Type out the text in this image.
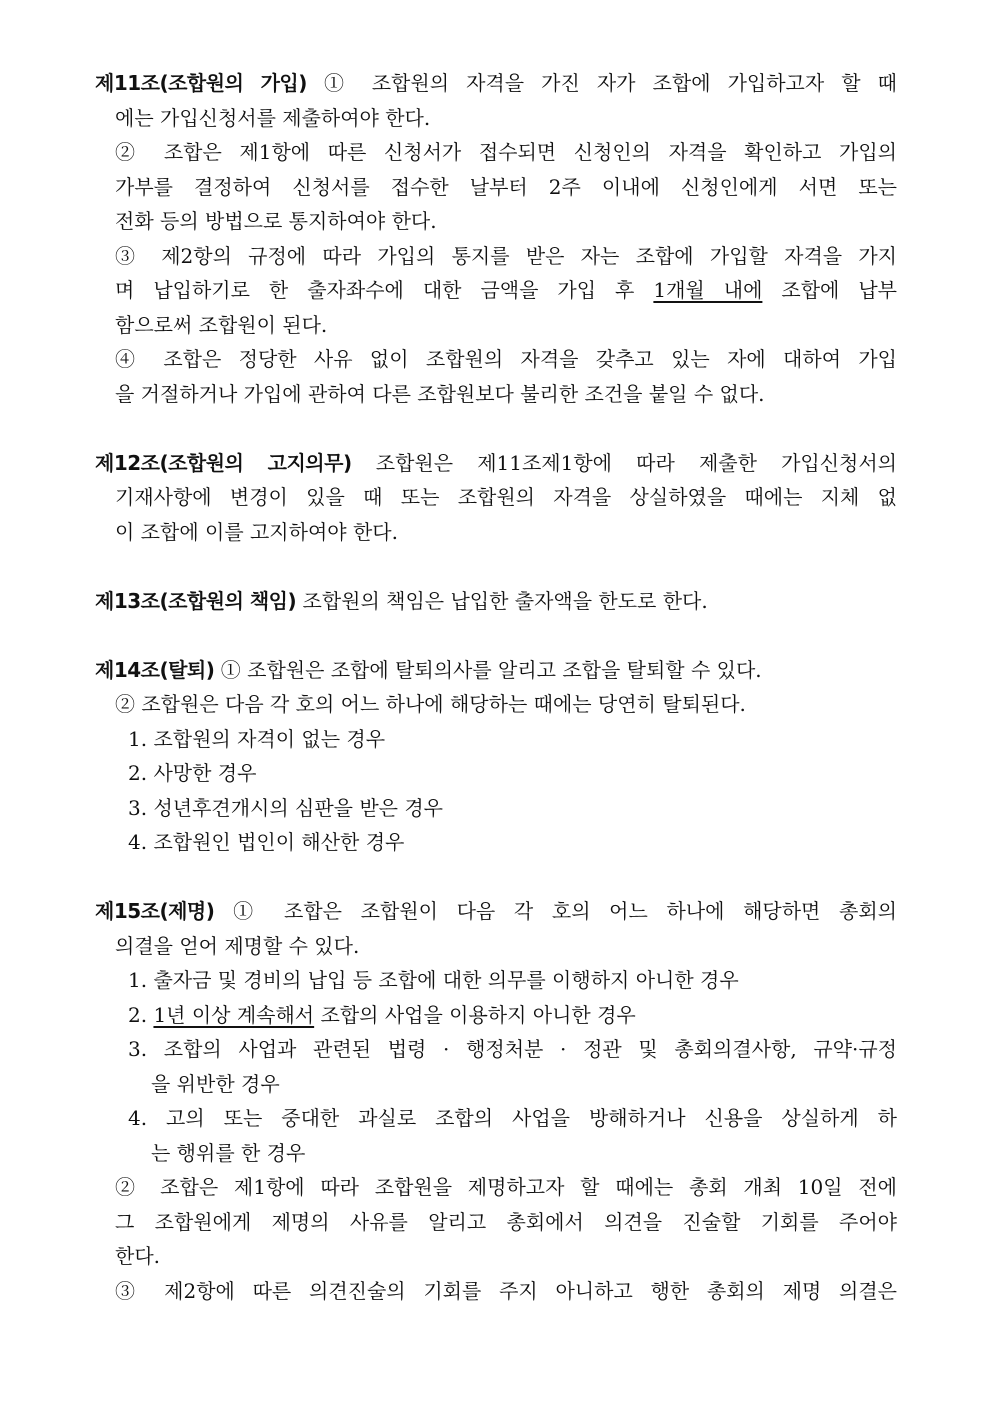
제11조(조합원의 가입) ① 조합원의 자격을 가진 자가 조합에 가입하고자 할 때

에는 가입신청서를 제출하여야 한다.

② 조합은 제1항에 따른 신청서가 접수되면 신청인의 자격을 확인하고 가입의
가부를 결정하여 신청서를 접수한 날부터 2주 이내에 신청인에게 서면 또는
전화 등의 방법으로 통지하여야 한다.

③ 제2항의 규정에 따라 가입의 통지를 받은 자는 조합에 가입할 자격을 가지
며 납입하기로 한 출자좌수에 대한 금액을 가입 후 1개월 내에 조합에 납부
함으로써 조합원이 된다.

④ 조합은 정당한 사유 없이 조합원의 자격을 갖추고 있는 자에 대하여 가입
을 거절하거나 가입에 관하여 다른 조합원보다 불리한 조건을 붙일 수 없다.

제12조(조합원의 고지의무) 조합원은 제11조제1항에 따라 제출한 가입신청서의

기재사항에 변경이 있을 때 또는 조합원의 자격을 상실하였을 때에는 지체 없
이 조합에 이를 고지하여야 한다.

제13조(조합원의 책임) 조합원의 책임은 납입한 출자액을 한도로 한다.

제14조(탈퇴) ① 조합원은 조합에 탈퇴의사를 알리고 조합을 탈퇴할 수 있다.

② 조합원은 다음 각 호의 어느 하나에 해당하는 때에는 당연히 탈퇴된다.

1. 조합원의 자격이 없는 경우

2. 사망한 경우

3. 성년후견개시의 심판을 받은 경우

4. 조합원인 법인이 해산한 경우

제15조(제명) ① 조합은 조합원이 다음 각 호의 어느 하나에 해당하면 총회의

의결을 얻어 제명할 수 있다.

1. 출자금 및 경비의 납입 등 조합에 대한 의무를 이행하지 아니한 경우

2. 1년 이상 계속해서 조합의 사업을 이용하지 아니한 경우

3. 조합의 사업과 관련된 법령 · 행정처분 · 정관 및 총회의결사항, 규약·규정
을 위반한 경우

4. 고의 또는 중대한 과실로 조합의 사업을 방해하거나 신용을 상실하게 하
는 행위를 한 경우

② 조합은 제1항에 따라 조합원을 제명하고자 할 때에는 총회 개최 10일 전에
그 조합원에게 제명의 사유를 알리고 총회에서 의견을 진술할 기회를 주어야
한다.

③ 제2항에 따른 의견진술의 기회를 주지 아니하고 행한 총회의 제명 의결은
